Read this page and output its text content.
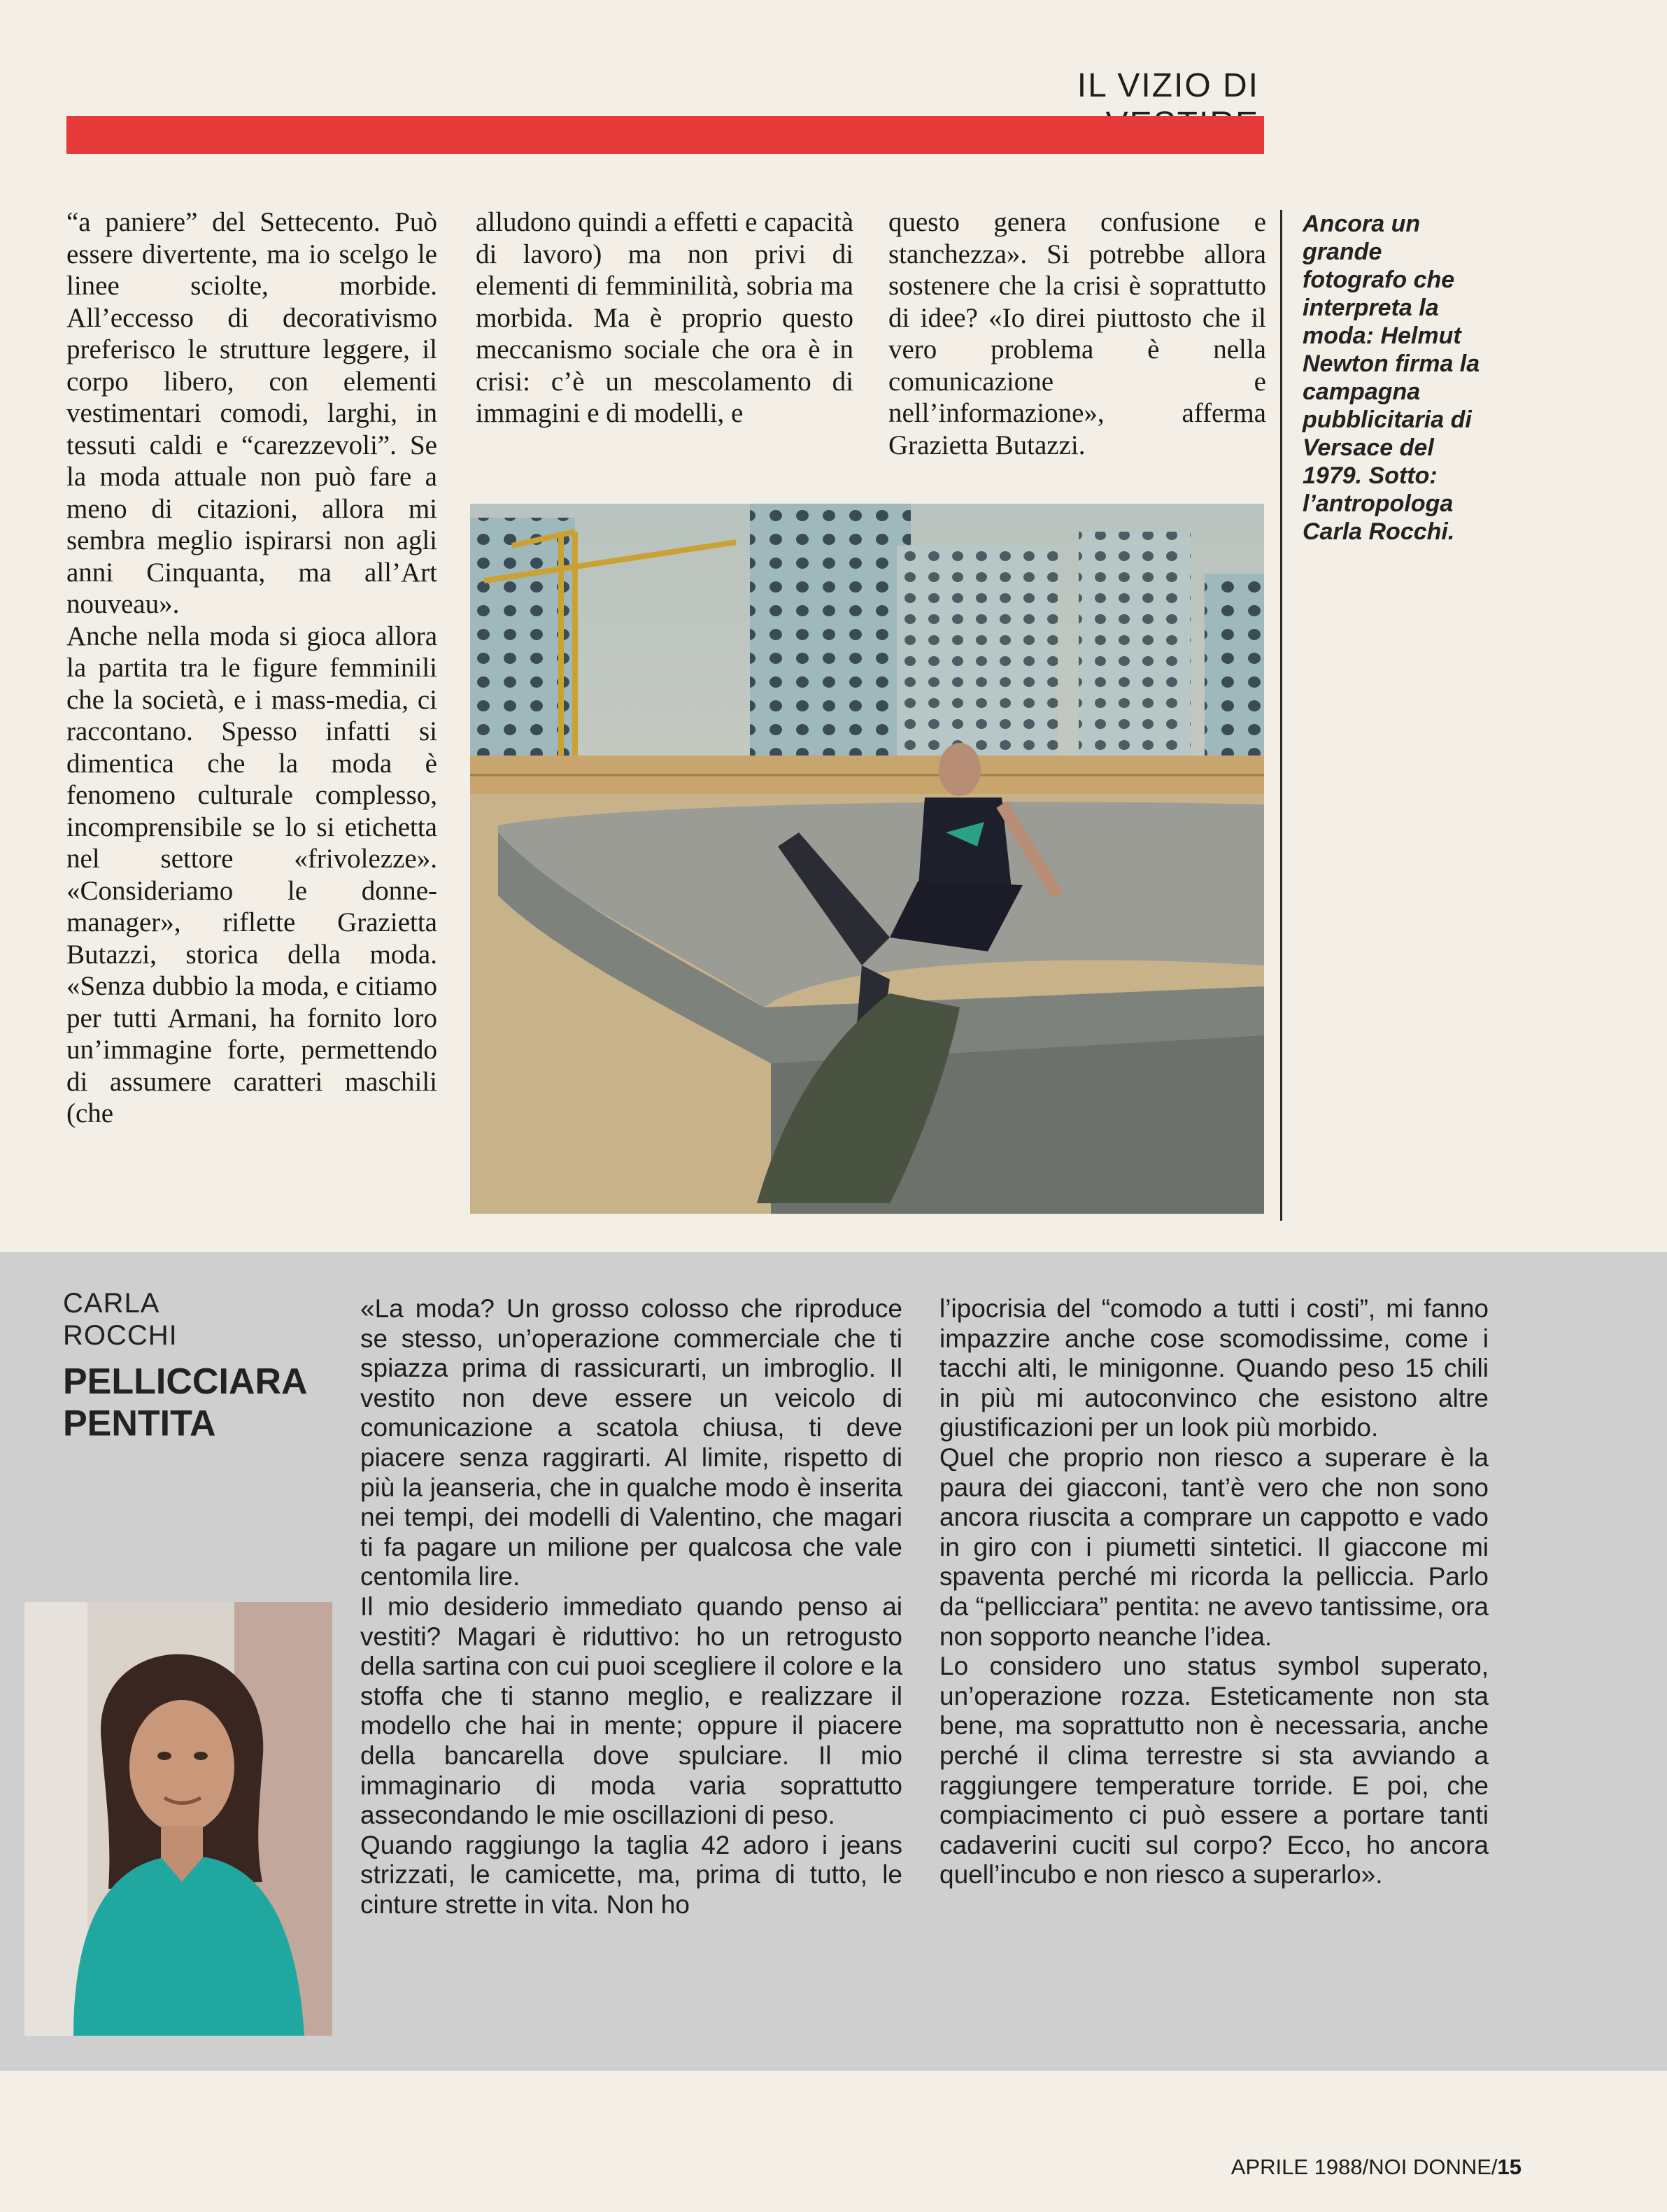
IL VIZIO DI

“a paniere” del Settecento. Può essere divertente, ma io scelgo le linee sciolte, morbide. All’eccesso di decorativismo preferisco le strutture leggere, il corpo libero, con elementi vestimentari comodi, larghi, in tessuti caldi e “carezzevoli”. Se la moda attuale non può fare a meno di citazioni, allora mi sembra meglio ispirarsi non agli anni Cinquanta, ma all’Art nouveau».

Anche nella moda si gioca allora la partita tra le figure femminili che la società, e i mass-media, ci raccontano. Spesso infatti si dimentica che la moda è fenomeno culturale complesso, incomprensibile se lo si etichetta nel settore «frivolezze». «Consideriamo le donne-manager», riflette Grazietta Butazzi, storica della moda. «Senza dubbio la moda, e citiamo per tutti Armani, ha fornito loro un’immagine forte, permettendo di assumere caratteri maschili (che

alludono quindi a effetti e capacità di lavoro) ma non privi di elementi di femminilità, sobria ma morbida. Ma è proprio questo meccanismo sociale che ora è in crisi: c’è un mescolamento di immagini e di modelli, e

questo genera confusione e stanchezza». Si potrebbe allora sostenere che la crisi è soprattutto di idee? «Io direi piuttosto che il vero problema è nella comunicazione e nell’informazione», afferma Grazietta Butazzi.

Ancora un grande fotografo che interpreta la moda: Helmut Newton firma la campagna pubblicitaria di Versace del 1979. Sotto: l’antropologa Carla Rocchi.
CARLA
ROCCHI
PELLICCIARA
PENTITA

«La moda? Un grosso colosso che riproduce se stesso, un’operazione commerciale che ti spiazza prima di rassicurarti, un imbroglio. Il vestito non deve essere un veicolo di comunicazione a scatola chiusa, ti deve piacere senza raggirarti. Al limite, rispetto di più la jeanseria, che in qualche modo è inserita nei tempi, dei modelli di Valentino, che magari ti fa pagare un milione per qualcosa che vale centomila lire.

Il mio desiderio immediato quando penso ai vestiti? Magari è riduttivo: ho un retrogusto della sartina con cui puoi scegliere il colore e la stoffa che ti stanno meglio, e realizzare il modello che hai in mente; oppure il piacere della bancarella dove spulciare. Il mio immaginario di moda varia soprattutto assecondando le mie oscillazioni di peso.

Quando raggiungo la taglia 42 adoro i jeans strizzati, le camicette, ma, prima di tutto, le cinture strette in vita. Non ho

l’ipocrisia del “comodo a tutti i costi”, mi fanno impazzire anche cose scomodissime, come i tacchi alti, le minigonne. Quando peso 15 chili in più mi autoconvinco che esistono altre giustificazioni per un look più morbido.

Quel che proprio non riesco a superare è la paura dei giacconi, tant’è vero che non sono ancora riuscita a comprare un cappotto e vado in giro con i piumetti sintetici. Il giaccone mi spaventa perché mi ricorda la pelliccia. Parlo da “pellicciara” pentita: ne avevo tantissime, ora non sopporto neanche l’idea.

Lo considero uno status symbol superato, un’operazione rozza. Esteticamente non sta bene, ma soprattutto non è necessaria, anche perché il clima terrestre si sta avviando a raggiungere temperature torride. E poi, che compiacimento ci può essere a portare tanti cadaverini cuciti sul corpo? Ecco, ho ancora quell’incubo e non riesco a superarlo».

APRILE 1988/NOI DONNE/15
